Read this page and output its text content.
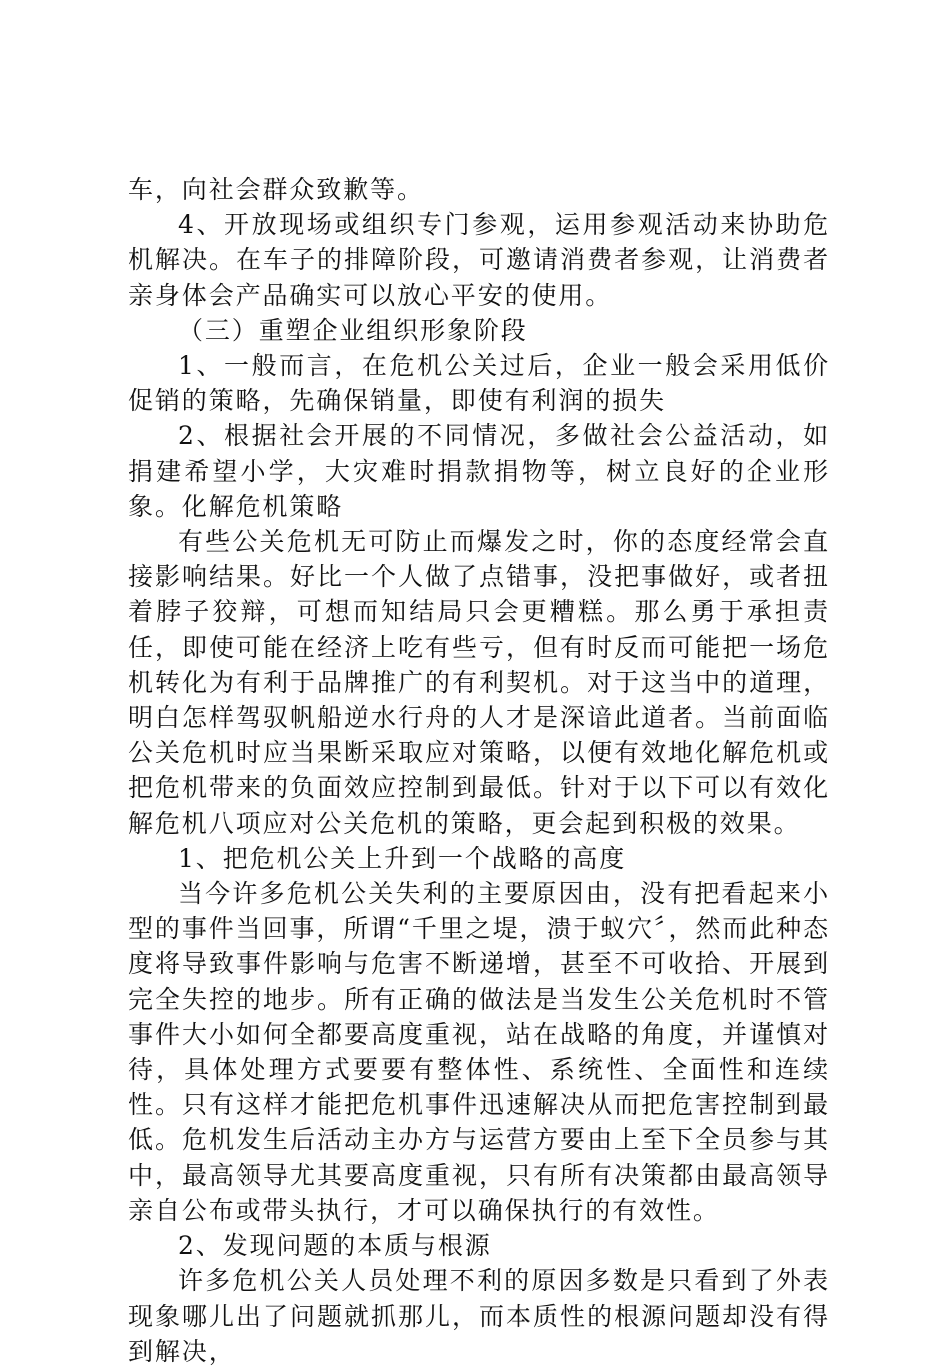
车，向社会群众致歉等。

4、开放现场或组织专门参观，运用参观活动来协助危机解决。在车子的排障阶段，可邀请消费者参观，让消费者亲身体会产品确实可以放心平安的使用。

（三）重塑企业组织形象阶段

1、一般而言，在危机公关过后，企业一般会采用低价促销的策略，先确保销量，即使有利润的损失

2、根据社会开展的不同情况，多做社会公益活动，如捐建希望小学，大灾难时捐款捐物等，树立良好的企业形象。化解危机策略

有些公关危机无可防止而爆发之时，你的态度经常会直接影响结果。好比一个人做了点错事，没把事做好，或者扭着脖子狡辩，可想而知结局只会更糟糕。那么勇于承担责任，即使可能在经济上吃有些亏，但有时反而可能把一场危机转化为有利于品牌推广的有利契机。对于这当中的道理，明白怎样驾驭帆船逆水行舟的人才是深谙此道者。当前面临公关危机时应当果断采取应对策略，以便有效地化解危机或把危机带来的负面效应控制到最低。针对于以下可以有效化解危机八项应对公关危机的策略，更会起到积极的效果。

1、把危机公关上升到一个战略的高度

当今许多危机公关失利的主要原因由，没有把看起来小型的事件当回事，所谓“千里之堤，溃于蚁穴〞，然而此种态度将导致事件影响与危害不断递增，甚至不可收拾、开展到完全失控的地步。所有正确的做法是当发生公关危机时不管事件大小如何全都要高度重视，站在战略的角度，并谨慎对待，具体处理方式要要有整体性、系统性、全面性和连续性。只有这样才能把危机事件迅速解决从而把危害控制到最低。危机发生后活动主办方与运营方要由上至下全员参与其中，最高领导尤其要高度重视，只有所有决策都由最高领导亲自公布或带头执行，才可以确保执行的有效性。

2、发现问题的本质与根源

许多危机公关人员处理不利的原因多数是只看到了外表现象哪儿出了问题就抓那儿，而本质性的根源问题却没有得到解决，
